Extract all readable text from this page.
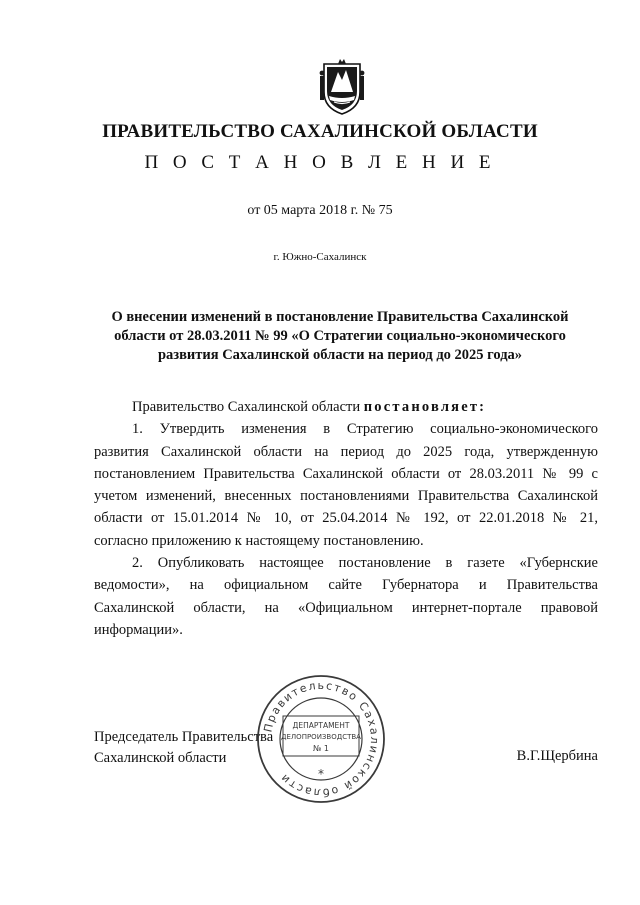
ПРАВИТЕЛЬСТВО САХАЛИНСКОЙ ОБЛАСТИ
П О С Т А Н О В Л Е Н И Е
от 05 марта 2018 г. № 75
г. Южно-Сахалинск
О внесении изменений в постановление Правительства Сахалинской
области от 28.03.2011 № 99 «О Стратегии социально-экономического
развития Сахалинской области на период до 2025 года»

Правительство Сахалинской области постановляет:

1. Утвердить изменения в Стратегию социально-экономического
развития Сахалинской области на период до 2025 года, утвержденную
постановлением Правительства Сахалинской области от 28.03.2011 № 99 с
учетом изменений, внесенных постановлениями Правительства Сахалинской
области от 15.01.2014 № 10, от 25.04.2014 № 192, от 22.01.2018 № 21,
согласно приложению к настоящему постановлению.

2. Опубликовать настоящее постановление в газете «Губернские
ведомости», на официальном сайте Губернатора и Правительства
Сахалинской области, на «Официальном интернет-портале правовой
информации».

Председатель Правительства
Сахалинской области	В.Г.Щербина
Правительство Сахалинской области
ДЕПАРТАМЕНТ
ДЕЛОПРОИЗВОДСТВА
№ 1
*
